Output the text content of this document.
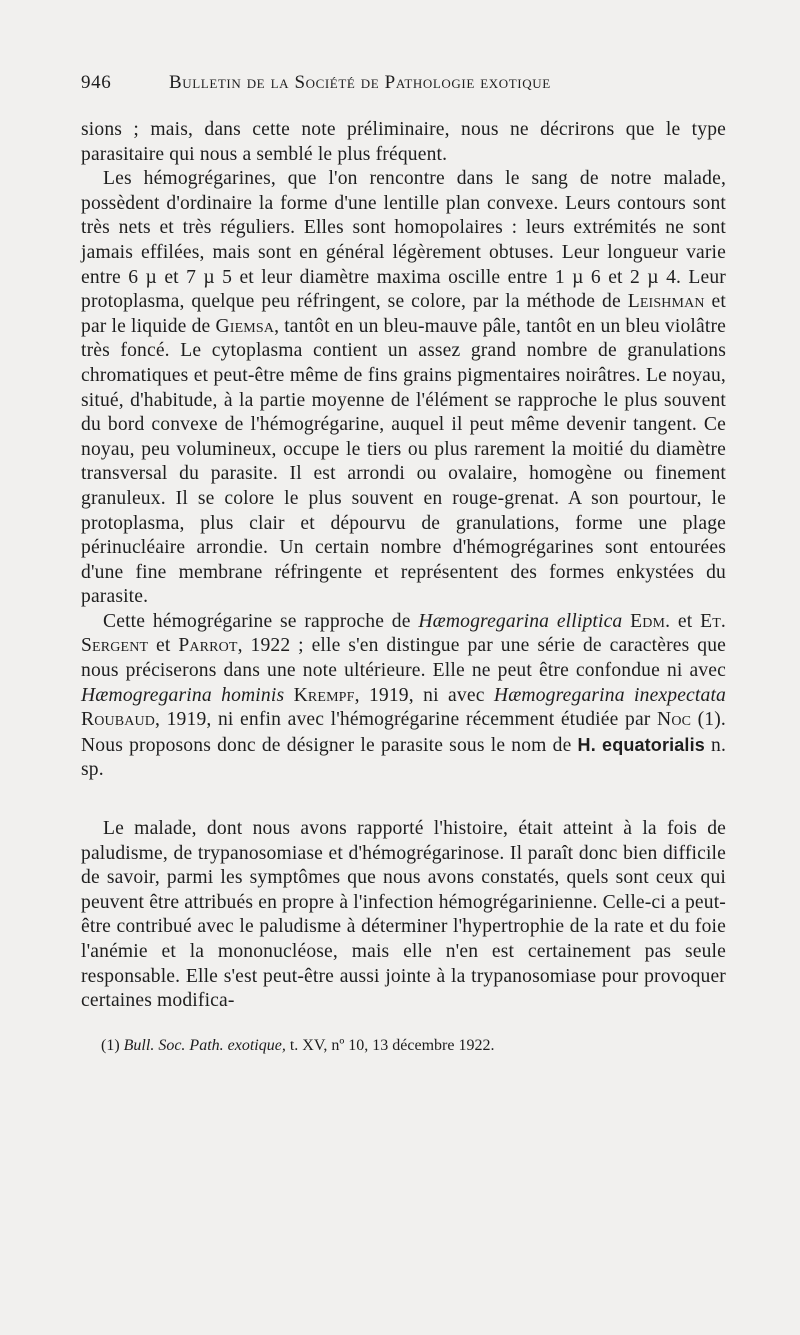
946	Bulletin de la Société de Pathologie exotique

sions ; mais, dans cette note préliminaire, nous ne décrirons que le type parasitaire qui nous a semblé le plus fréquent.

Les hémogrégarines, que l'on rencontre dans le sang de notre malade, possèdent d'ordinaire la forme d'une lentille plan convexe. Leurs contours sont très nets et très réguliers. Elles sont homopolaires : leurs extrémités ne sont jamais effilées, mais sont en général légèrement obtuses. Leur longueur varie entre 6 µ et 7 µ 5 et leur diamètre maxima oscille entre 1 µ 6 et 2 µ 4. Leur protoplasma, quelque peu réfringent, se colore, par la méthode de Leishman et par le liquide de Giemsa, tantôt en un bleu-mauve pâle, tantôt en un bleu violâtre très foncé. Le cytoplasma contient un assez grand nombre de granulations chromatiques et peut-être même de fins grains pigmentaires noirâtres. Le noyau, situé, d'habitude, à la partie moyenne de l'élément se rapproche le plus souvent du bord convexe de l'hémogrégarine, auquel il peut même devenir tangent. Ce noyau, peu volumineux, occupe le tiers ou plus rarement la moitié du diamètre transversal du parasite. Il est arrondi ou ovalaire, homogène ou finement granuleux. Il se colore le plus souvent en rouge-grenat. A son pourtour, le protoplasma, plus clair et dépourvu de granulations, forme une plage périnucléaire arrondie. Un certain nombre d'hémogrégarines sont entourées d'une fine membrane réfringente et représentent des formes enkystées du parasite.

Cette hémogrégarine se rapproche de Hæmogregarina elliptica Edm. et Et. Sergent et Parrot, 1922 ; elle s'en distingue par une série de caractères que nous préciserons dans une note ultérieure. Elle ne peut être confondue ni avec Hæmogregarina hominis Krempf, 1919, ni avec Hæmogregarina inexpectata Roubaud, 1919, ni enfin avec l'hémogrégarine récemment étudiée par Noc (1). Nous proposons donc de désigner le parasite sous le nom de H. equatorialis n. sp.

Le malade, dont nous avons rapporté l'histoire, était atteint à la fois de paludisme, de trypanosomiase et d'hémogrégarinose. Il paraît donc bien difficile de savoir, parmi les symptômes que nous avons constatés, quels sont ceux qui peuvent être attribués en propre à l'infection hémogrégarinienne. Celle-ci a peut-être contribué avec le paludisme à déterminer l'hypertrophie de la rate et du foie l'anémie et la mononucléose, mais elle n'en est certainement pas seule responsable. Elle s'est peut-être aussi jointe à la trypanosomiase pour provoquer certaines modifica-

(1) Bull. Soc. Path. exotique, t. XV, nº 10, 13 décembre 1922.
